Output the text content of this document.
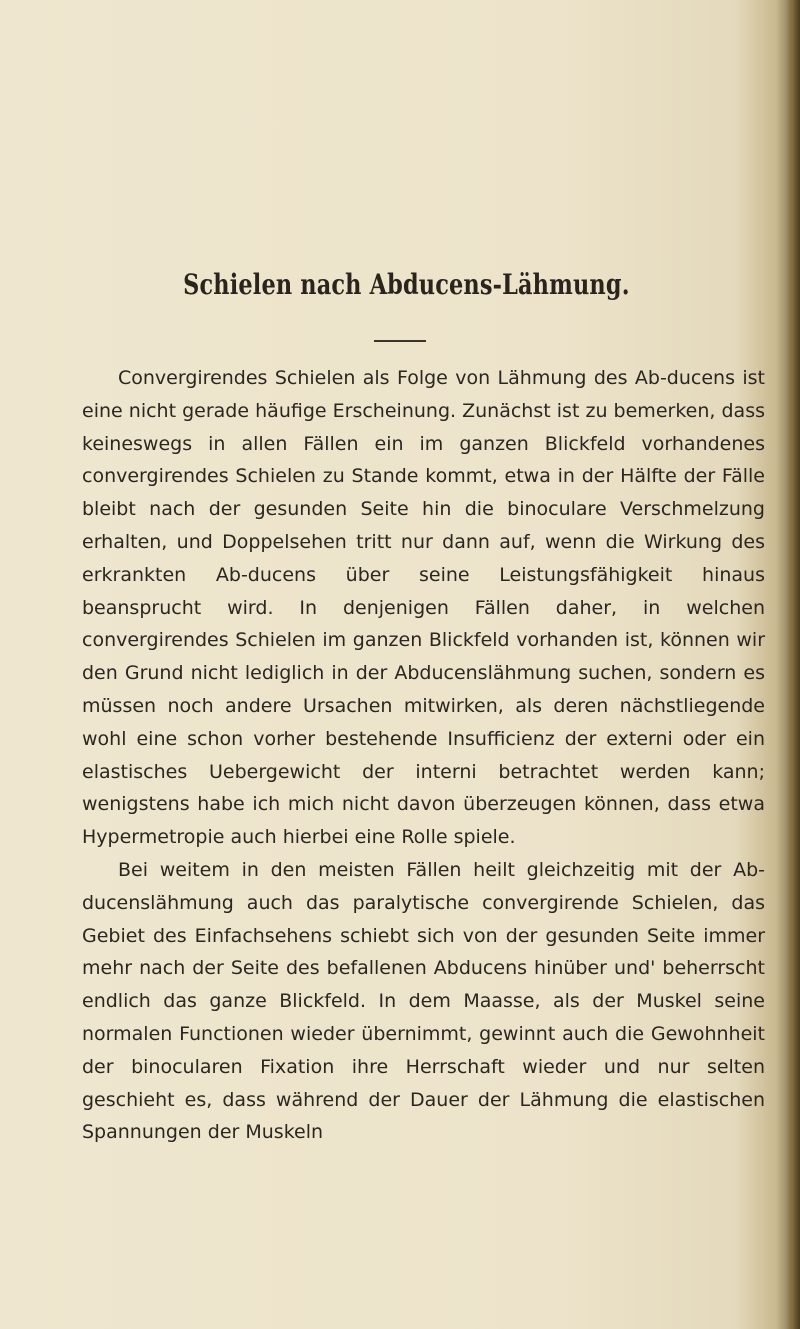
Schielen nach Abducens-Lähmung.

Convergirendes Schielen als Folge von Lähmung des Ab-ducens ist eine nicht gerade häufige Erscheinung. Zunächst ist zu bemerken, dass keineswegs in allen Fällen ein im ganzen Blickfeld vorhandenes convergirendes Schielen zu Stande kommt, etwa in der Hälfte der Fälle bleibt nach der gesunden Seite hin die binoculare Verschmelzung erhalten, und Doppelsehen tritt nur dann auf, wenn die Wirkung des erkrankten Ab-ducens über seine Leistungsfähigkeit hinaus beansprucht wird. In denjenigen Fällen daher, in welchen convergirendes Schielen im ganzen Blickfeld vorhanden ist, können wir den Grund nicht lediglich in der Abducenslähmung suchen, sondern es müssen noch andere Ursachen mitwirken, als deren nächstliegende wohl eine schon vorher bestehende Insufficienz der externi oder ein elastisches Uebergewicht der interni betrachtet werden kann; wenigstens habe ich mich nicht davon überzeugen können, dass etwa Hypermetropie auch hierbei eine Rolle spiele.

Bei weitem in den meisten Fällen heilt gleichzeitig mit der Ab-ducenslähmung auch das paralytische convergirende Schielen, das Gebiet des Einfachsehens schiebt sich von der gesunden Seite immer mehr nach der Seite des befallenen Abducens hinüber und' beherrscht endlich das ganze Blickfeld. In dem Maasse, als der Muskel seine normalen Functionen wieder übernimmt, gewinnt auch die Gewohnheit der binocularen Fixation ihre Herrschaft wieder und nur selten geschieht es, dass während der Dauer der Lähmung die elastischen Spannungen der Muskeln
